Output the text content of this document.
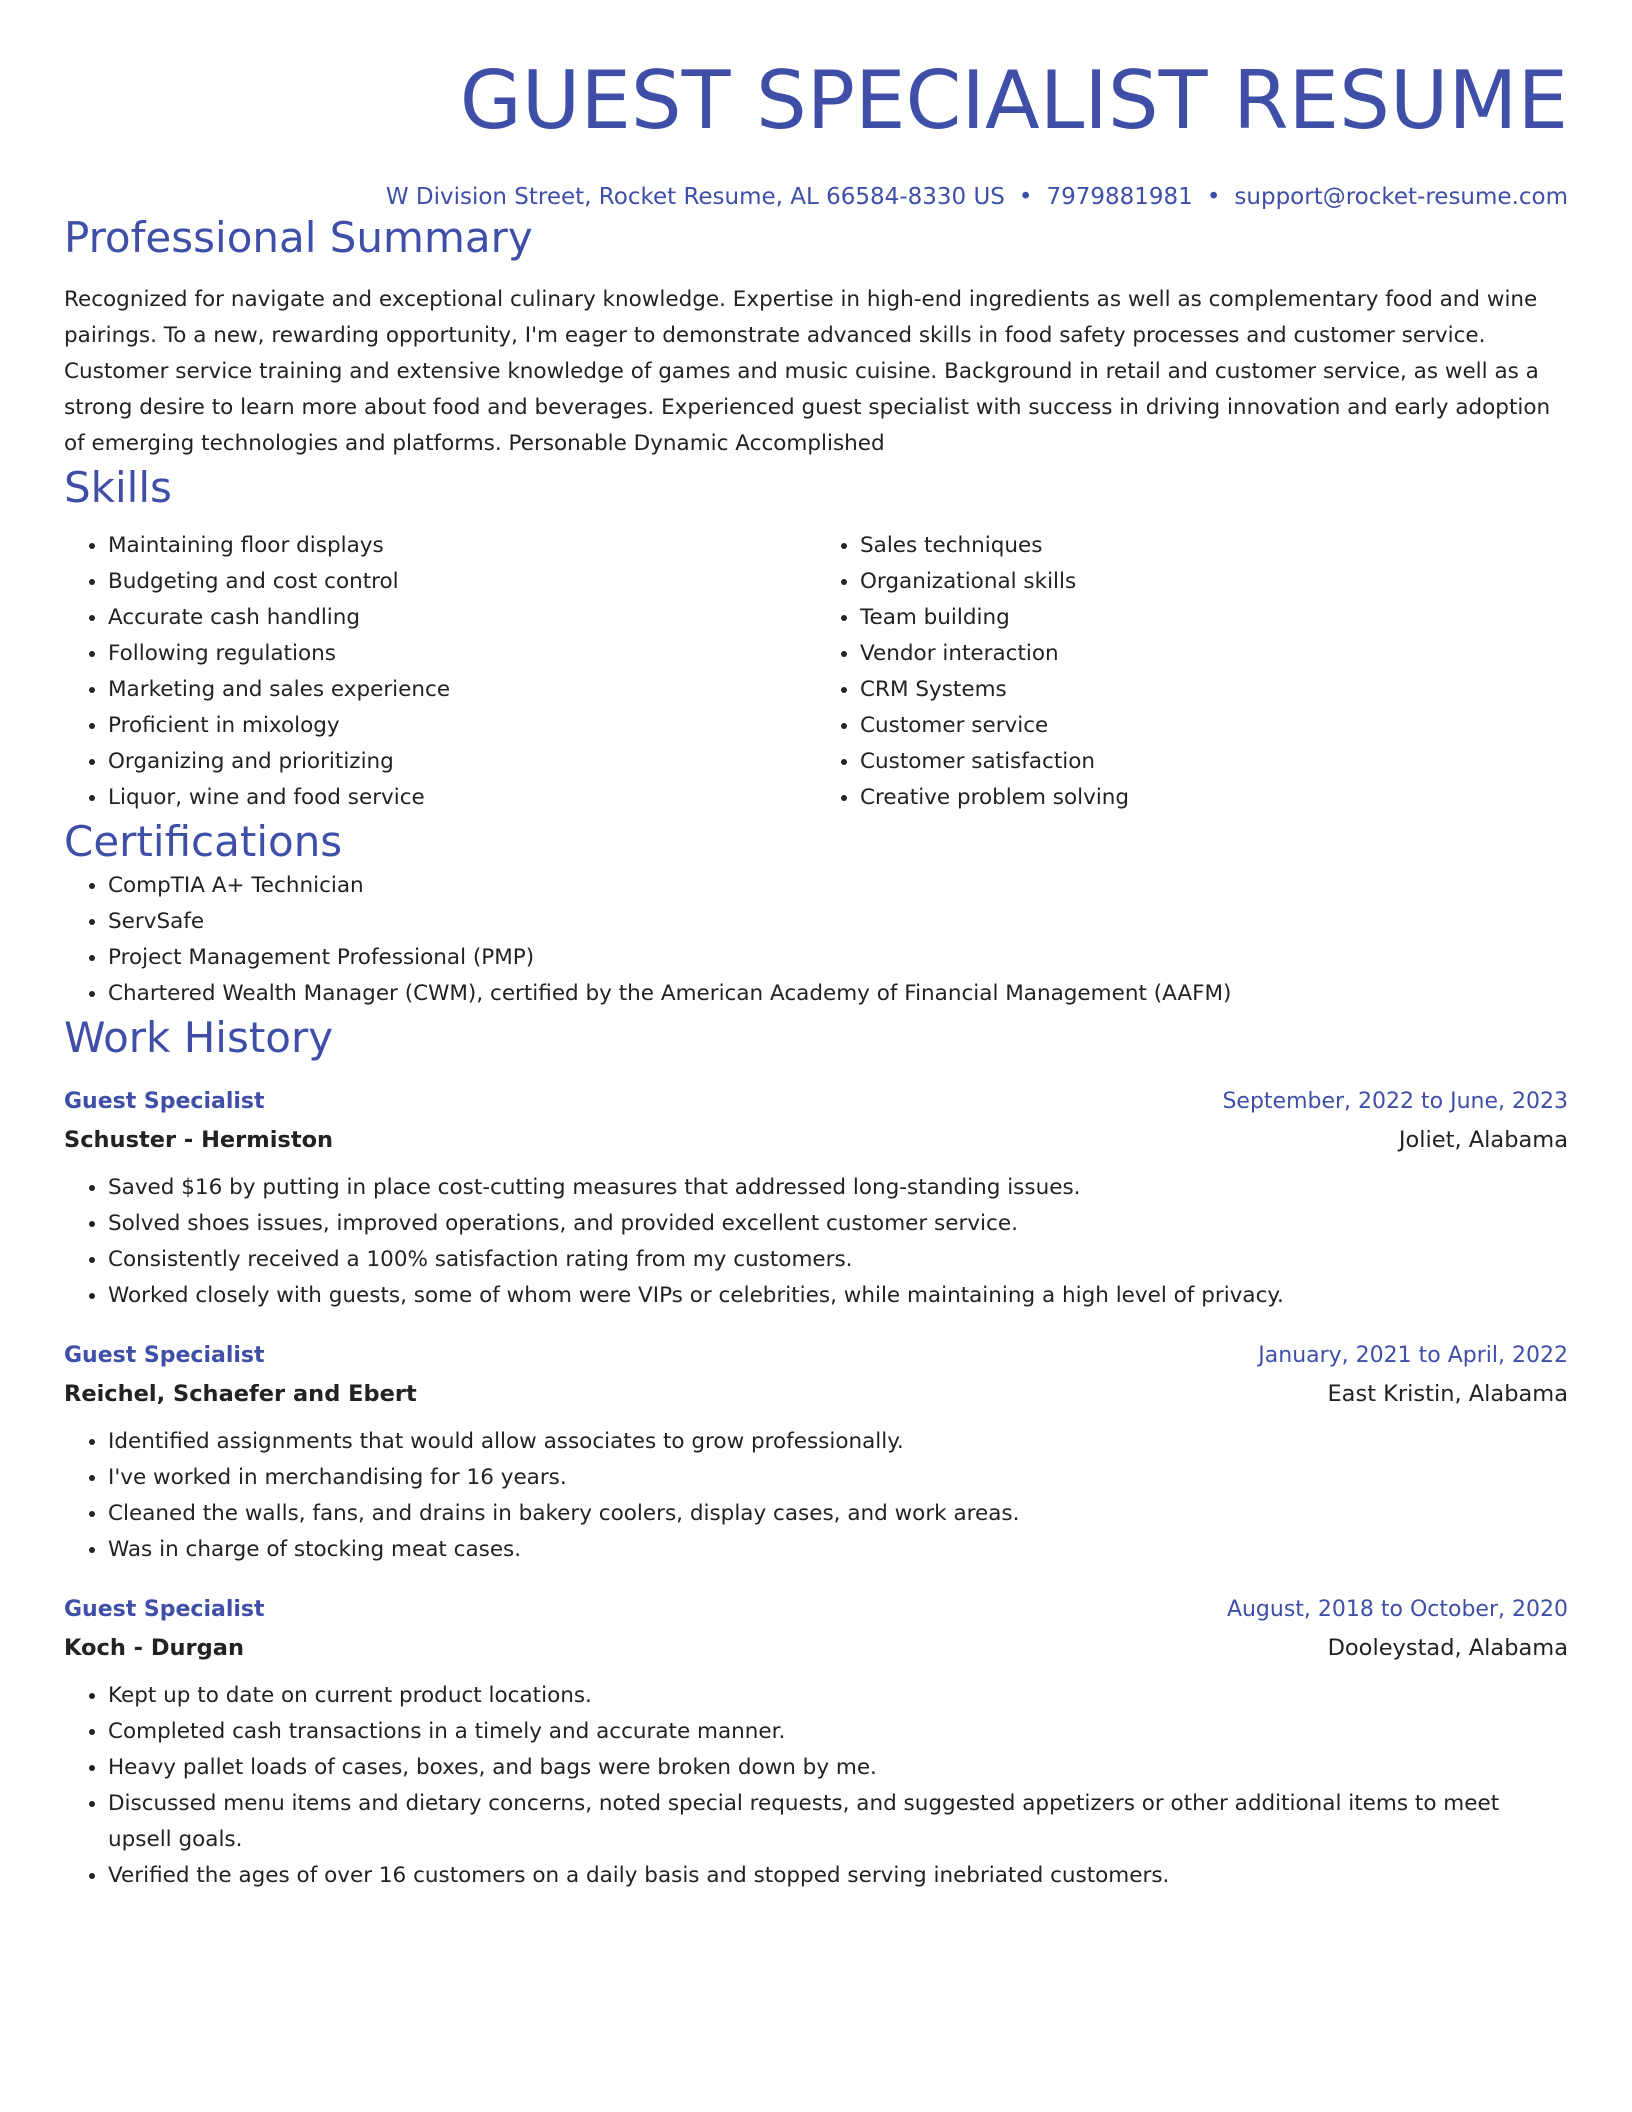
GUEST SPECIALIST RESUME
W Division Street, Rocket Resume, AL 66584-8330 US • 7979881981 • support@rocket-resume.com
Professional Summary

Recognized for navigate and exceptional culinary knowledge. Expertise in high-end ingredients as well as complementary food and wine pairings. To a new, rewarding opportunity, I'm eager to demonstrate advanced skills in food safety processes and customer service. Customer service training and extensive knowledge of games and music cuisine. Background in retail and customer service, as well as a strong desire to learn more about food and beverages. Experienced guest specialist with success in driving innovation and early adoption of emerging technologies and platforms. Personable Dynamic Accomplished

Skills
• Maintaining floor displays
• Budgeting and cost control
• Accurate cash handling
• Following regulations
• Marketing and sales experience
• Proficient in mixology
• Organizing and prioritizing
• Liquor, wine and food service
• Sales techniques
• Organizational skills
• Team building
• Vendor interaction
• CRM Systems
• Customer service
• Customer satisfaction
• Creative problem solving
Certifications
• CompTIA A+ Technician
• ServSafe
• Project Management Professional (PMP)
• Chartered Wealth Manager (CWM), certified by the American Academy of Financial Management (AAFM)
Work History
Guest Specialist	September, 2022 to June, 2023
Schuster - Hermiston	Joliet, Alabama
• Saved $16 by putting in place cost-cutting measures that addressed long-standing issues.
• Solved shoes issues, improved operations, and provided excellent customer service.
• Consistently received a 100% satisfaction rating from my customers.
• Worked closely with guests, some of whom were VIPs or celebrities, while maintaining a high level of privacy.
Guest Specialist	January, 2021 to April, 2022
Reichel, Schaefer and Ebert	East Kristin, Alabama
• Identified assignments that would allow associates to grow professionally.
• I've worked in merchandising for 16 years.
• Cleaned the walls, fans, and drains in bakery coolers, display cases, and work areas.
• Was in charge of stocking meat cases.
Guest Specialist	August, 2018 to October, 2020
Koch - Durgan	Dooleystad, Alabama
• Kept up to date on current product locations.
• Completed cash transactions in a timely and accurate manner.
• Heavy pallet loads of cases, boxes, and bags were broken down by me.
• Discussed menu items and dietary concerns, noted special requests, and suggested appetizers or other additional items to meet upsell goals.
• Verified the ages of over 16 customers on a daily basis and stopped serving inebriated customers.
